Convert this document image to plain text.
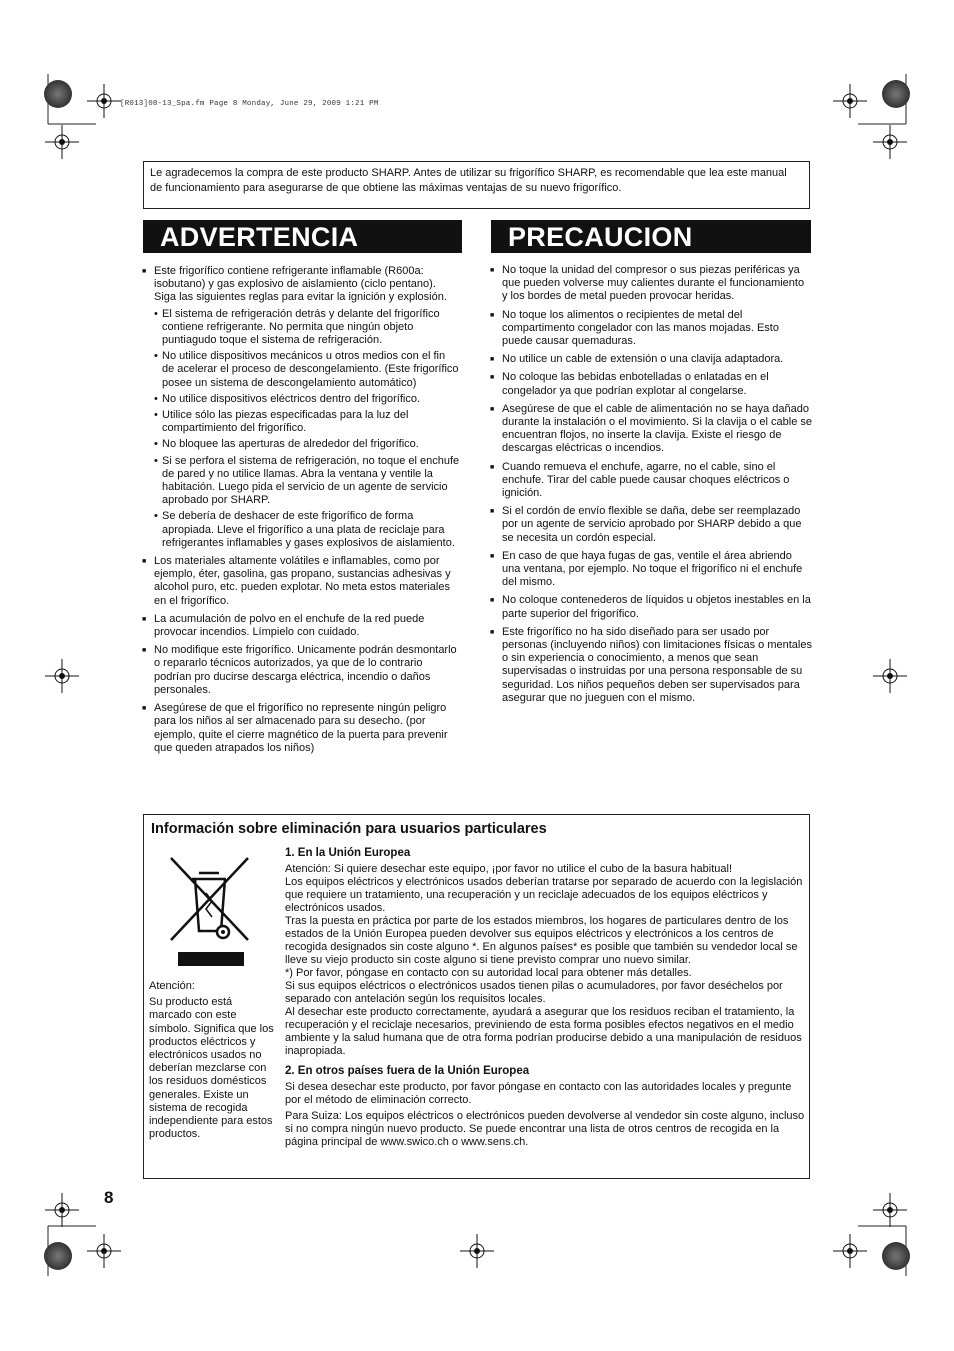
[R013]08-13_Spa.fm Page 8 Monday, June 29, 2009 1:21 PM
Le agradecemos la compra de este producto SHARP. Antes de utilizar su frigorífico SHARP, es recomendable que lea este manual de funcionamiento para asegurarse de que obtiene las máximas ventajas de su nuevo frigorífico.
ADVERTENCIA
■ Este frigorífico contiene refrigerante inflamable (R600a: isobutano) y gas explosivo de aislamiento (ciclo pentano). Siga las siguientes reglas para evitar la ignición y explosión.
• El sistema de refrigeración detrás y delante del frigorífico contiene refrigerante. No permita que ningún objeto puntiagudo toque el sistema de refrigeración.
• No utilice dispositivos mecánicos u otros medios con el fin de acelerar el proceso de descongelamiento. (Este frigorífico posee un sistema de descongelamiento automático)
• No utilice dispositivos eléctricos dentro del frigorífico.
• Utilice sólo las piezas especificadas para la luz del compartimiento del frigorífico.
• No bloquee las aperturas de alrededor del frigorífico.
• Si se perfora el sistema de refrigeración, no toque el enchufe de pared y no utilice llamas. Abra la ventana y ventile la habitación. Luego pida el servicio de un agente de servicio aprobado por SHARP.
• Se debería de deshacer de este frigorífico de forma apropiada. Lleve el frigorífico a una plata de reciclaje para refrigerantes inflamables y gases explosivos de aislamiento.
■ Los materiales altamente volátiles e inflamables, como por ejemplo, éter, gasolina, gas propano, sustancias adhesivas y alcohol puro, etc. pueden explotar. No meta estos materiales en el frigorífico.
■ La acumulación de polvo en el enchufe de la red puede provocar incendios. Límpielo con cuidado.
■ No modifique este frigorífico. Unicamente podrán desmontarlo o repararlo técnicos autorizados, ya que de lo contrario podrían pro ducirse descarga eléctrica, incendio o daños personales.
■ Asegúrese de que el frigorífico no represente ningún peligro para los niños al ser almacenado para su desecho. (por ejemplo, quite el cierre magnético de la puerta para prevenir que queden atrapados los niños)
PRECAUCION
■ No toque la unidad del compresor o sus piezas periféricas ya que pueden volverse muy calientes durante el funcionamiento y los bordes de metal pueden provocar heridas.
■ No toque los alimentos o recipientes de metal del compartimento congelador con las manos mojadas. Esto puede causar quemaduras.
■ No utilice un cable de extensión o una clavija adaptadora.
■ No coloque las bebidas enbotelladas o enlatadas en el congelador ya que podrían explotar al congelarse.
■ Asegúrese de que el cable de alimentación no se haya dañado durante la instalación o el movimiento. Si la clavija o el cable se encuentran flojos, no inserte la clavija. Existe el riesgo de descargas eléctricas o incendios.
■ Cuando remueva el enchufe, agarre, no el cable, sino el enchufe. Tirar del cable puede causar choques eléctricos o ignición.
■ Si el cordón de envío flexible se daña, debe ser reemplazado por un agente de servicio aprobado por SHARP debido a que se necesita un cordón especial.
■ En caso de que haya fugas de gas, ventile el área abriendo una ventana, por ejemplo. No toque el frigorífico ni el enchufe del mismo.
■ No coloque contenederos de líquidos u objetos inestables en la parte superior del frigorífico.
■ Este frigorífico no ha sido diseñado para ser usado por personas (incluyendo niños) con limitaciones físicas o mentales o sin experiencia o conocimiento, a menos que sean supervisadas o instruidas por una persona responsable de su seguridad. Los niños pequeños deben ser supervisados para asegurar que no jueguen con el mismo.
Información sobre eliminación para usuarios particulares
Atención:
Su producto está marcado con este símbolo. Significa que los productos eléctricos y electrónicos usados no deberían mezclarse con los residuos domésticos generales. Existe un sistema de recogida independiente para estos productos.
1. En la Unión Europea

Atención: Si quiere desechar este equipo, ¡por favor no utilice el cubo de la basura habitual!

Los equipos eléctricos y electrónicos usados deberían tratarse por separado de acuerdo con la legislación que requiere un tratamiento, una recuperación y un reciclaje adecuados de los equipos eléctricos y electrónicos usados.

Tras la puesta en práctica por parte de los estados miembros, los hogares de particulares dentro de los estados de la Unión Europea pueden devolver sus equipos eléctricos y electrónicos a los centros de recogida designados sin coste alguno *. En algunos países* es posible que también su vendedor local se lleve su viejo producto sin coste alguno si tiene previsto comprar uno nuevo similar.

*) Por favor, póngase en contacto con su autoridad local para obtener más detalles.

Si sus equipos eléctricos o electrónicos usados tienen pilas o acumuladores, por favor deséchelos por separado con antelación según los requisitos locales.

Al desechar este producto correctamente, ayudará a asegurar que los residuos reciban el tratamiento, la recuperación y el reciclaje necesarios, previniendo de esta forma posibles efectos negativos en el medio ambiente y la salud humana que de otra forma podrían producirse debido a una manipulación de residuos inapropiada.

2. En otros países fuera de la Unión Europea

Si desea desechar este producto, por favor póngase en contacto con las autoridades locales y pregunte por el método de eliminación correcto.

Para Suiza: Los equipos eléctricos o electrónicos pueden devolverse al vendedor sin coste alguno, incluso si no compra ningún nuevo producto. Se puede encontrar una lista de otros centros de recogida en la página principal de www.swico.ch o www.sens.ch.

8
